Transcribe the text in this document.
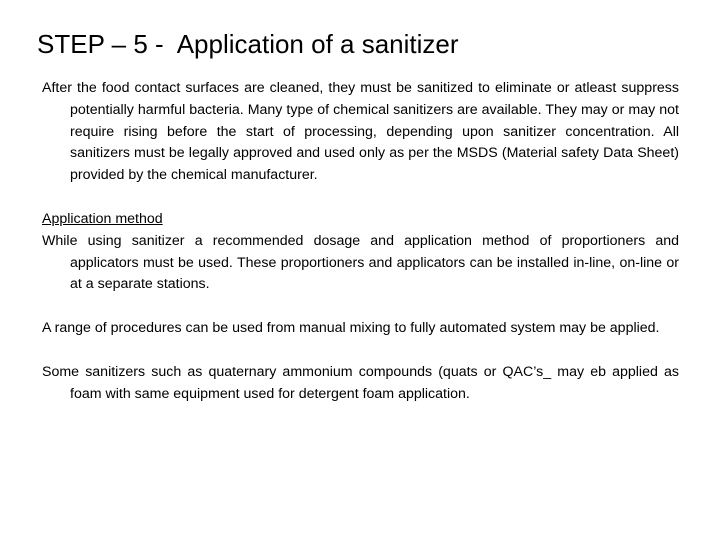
STEP – 5 -  Application of a sanitizer

After the food contact surfaces are cleaned, they must be sanitized to eliminate or atleast suppress potentially harmful bacteria. Many type of chemical sanitizers are available. They may or may not require rising before the start of processing, depending upon sanitizer concentration. All sanitizers must be legally approved and used only as per the MSDS (Material safety Data Sheet) provided by the chemical manufacturer.

Application method

While using sanitizer a recommended dosage and application method of proportioners and applicators must be used. These proportioners and applicators can be installed in-line, on-line or at a separate stations.

A range of procedures can be used from manual mixing to fully automated system may be applied.

Some sanitizers such as quaternary ammonium compounds (quats or QAC’s_ may eb applied as foam with same equipment used for detergent foam application.
